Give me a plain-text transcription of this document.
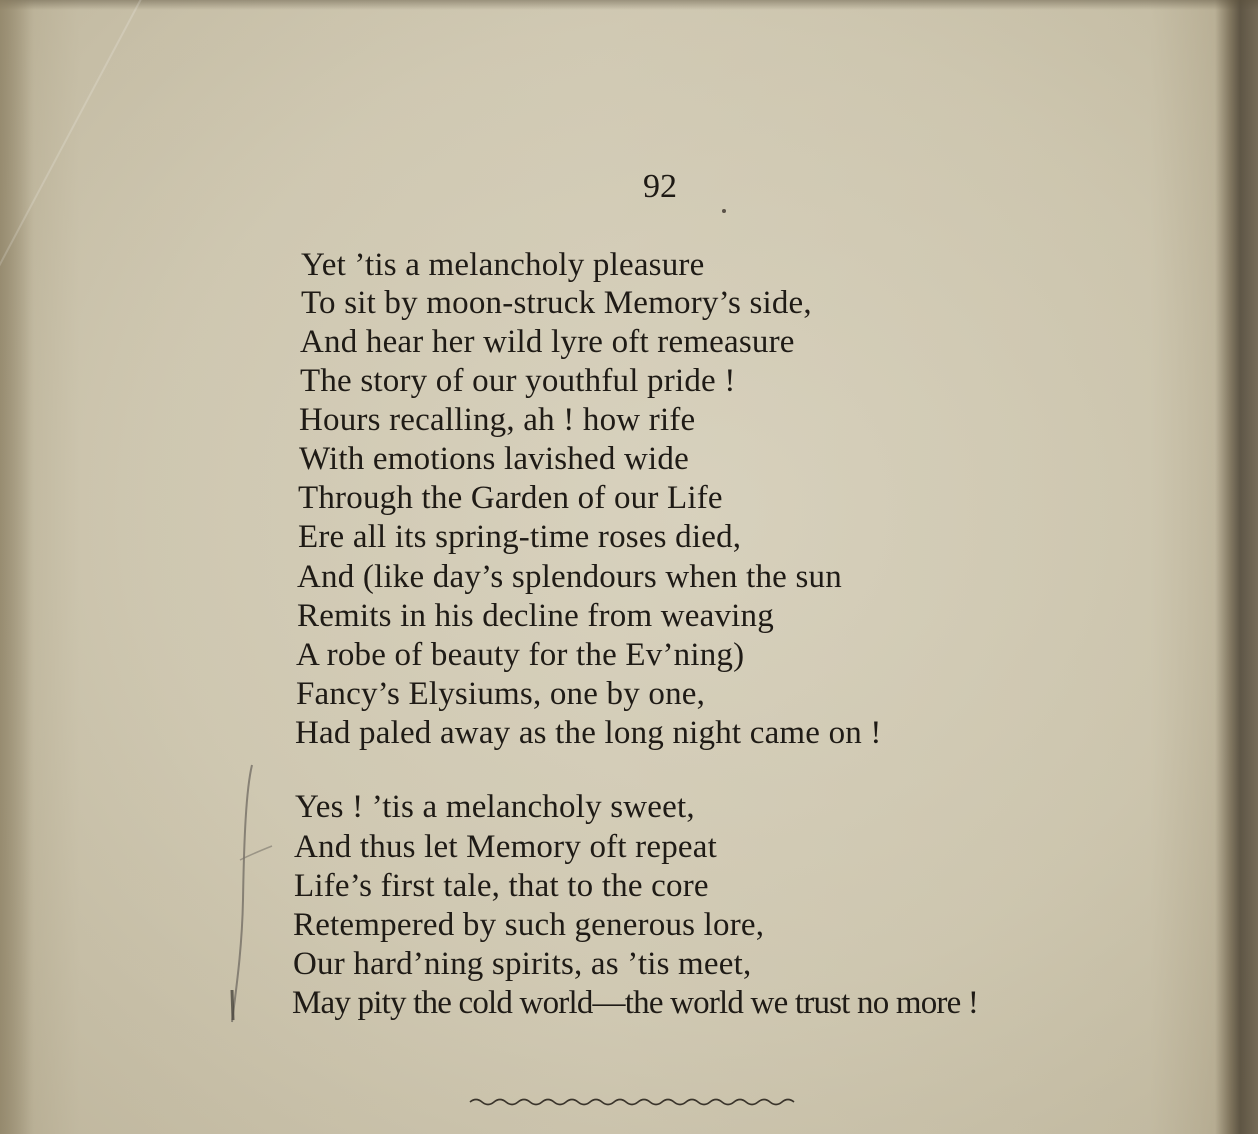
92
Yet ’tis a melancholy pleasure
To sit by moon-struck Memory’s side,
And hear her wild lyre oft remeasure
The story of our youthful pride !
Hours recalling, ah ! how rife
With emotions lavished wide
Through the Garden of our Life
Ere all its spring-time roses died,
And (like day’s splendours when the sun
Remits in his decline from weaving
A robe of beauty for the Ev’ning)
Fancy’s Elysiums, one by one,
Had paled away as the long night came on !
Yes ! ’tis a melancholy sweet,
And thus let Memory oft repeat
Life’s first tale, that to the core
Retempered by such generous lore,
Our hard’ning spirits, as ’tis meet,
May pity the cold world—the world we trust no more !
